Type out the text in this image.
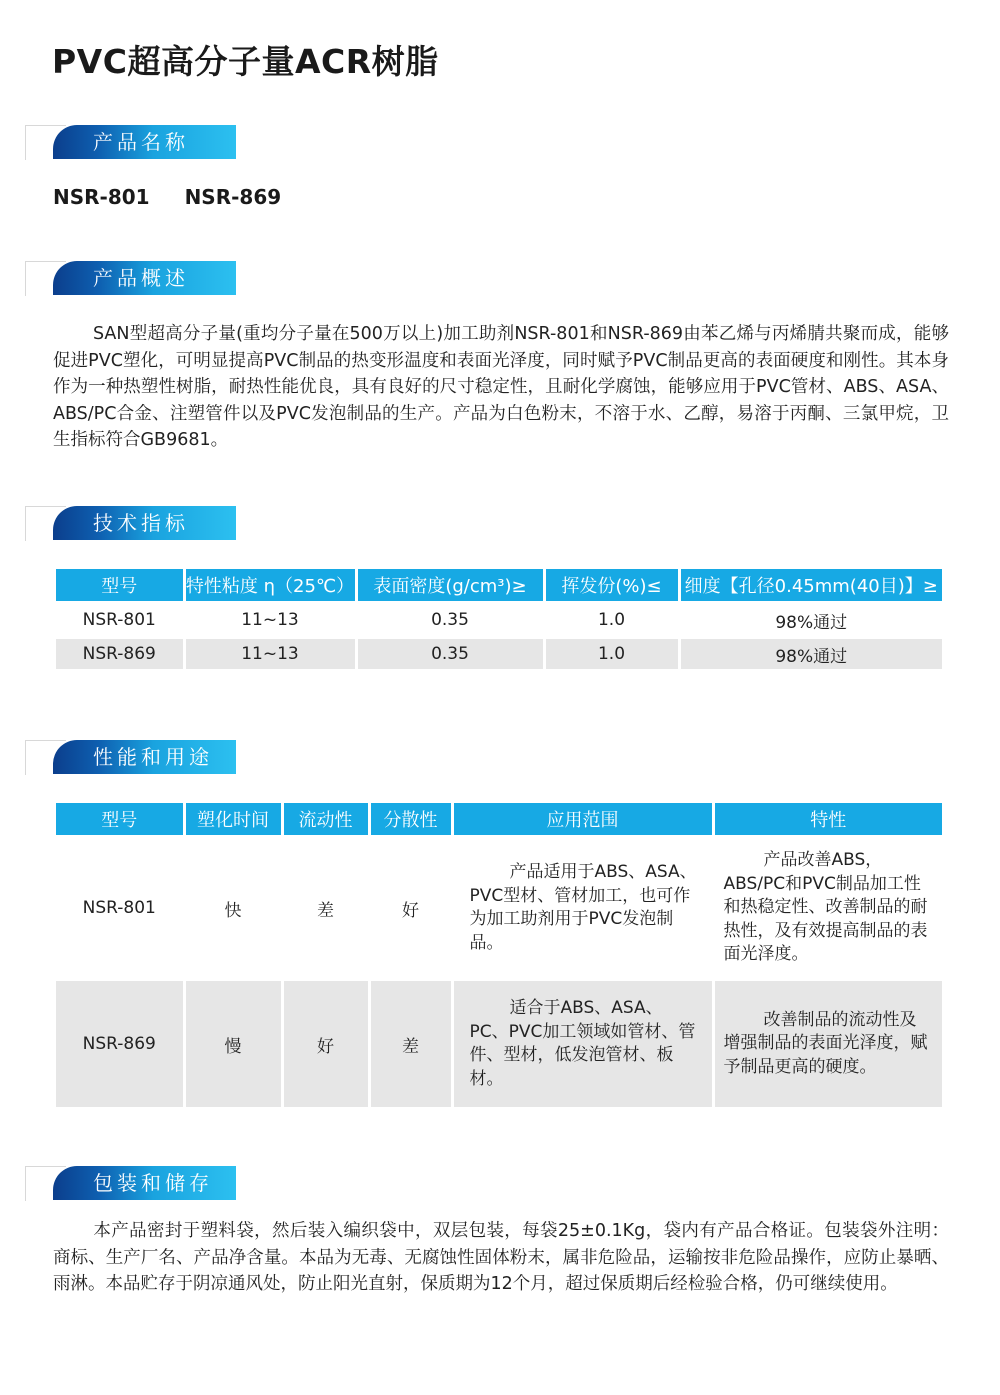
PVC超高分子量ACR树脂
产品名称
NSR-801 NSR-869
产品概述
SAN型超高分子量(重均分子量在500万以上)加工助剂NSR-801和NSR-869由苯乙烯与丙烯腈共聚而成，能够促进PVC塑化，可明显提高PVC制品的热变形温度和表面光泽度，同时赋予PVC制品更高的表面硬度和刚性。其本身作为一种热塑性树脂，耐热性能优良，具有良好的尺寸稳定性，且耐化学腐蚀，能够应用于PVC管材、ABS、ASA、ABS/PC合金、注塑管件以及PVC发泡制品的生产。产品为白色粉末，不溶于水、乙醇，易溶于丙酮、三氯甲烷，卫生指标符合GB9681。
技术指标
型号	特性粘度 η（25℃）	表面密度(g/cm³)≥	挥发份(%)≤	细度【孔径0.45mm(40目)】≥
NSR-801	11~13	0.35	1.0	98%通过
NSR-869	11~13	0.35	1.0	98%通过
性能和用途
型号	塑化时间	流动性	分散性	应用范围	特性
NSR-801	快	差	好	产品适用于ABS、ASA、PVC型材、管材加工，也可作为加工助剂用于PVC发泡制品。	产品改善ABS，ABS/PC和PVC制品加工性和热稳定性、改善制品的耐热性，及有效提高制品的表面光泽度。
NSR-869	慢	好	差	适合于ABS、ASA、PC、PVC加工领域如管材、管件、型材，低发泡管材、板材。	改善制品的流动性及增强制品的表面光泽度，赋予制品更高的硬度。
包装和储存
本产品密封于塑料袋，然后装入编织袋中，双层包装，每袋25±0.1Kg，袋内有产品合格证。包装袋外注明：商标、生产厂名、产品净含量。本品为无毒、无腐蚀性固体粉末，属非危险品，运输按非危险品操作，应防止暴晒、雨淋。本品贮存于阴凉通风处，防止阳光直射，保质期为12个月，超过保质期后经检验合格，仍可继续使用。
